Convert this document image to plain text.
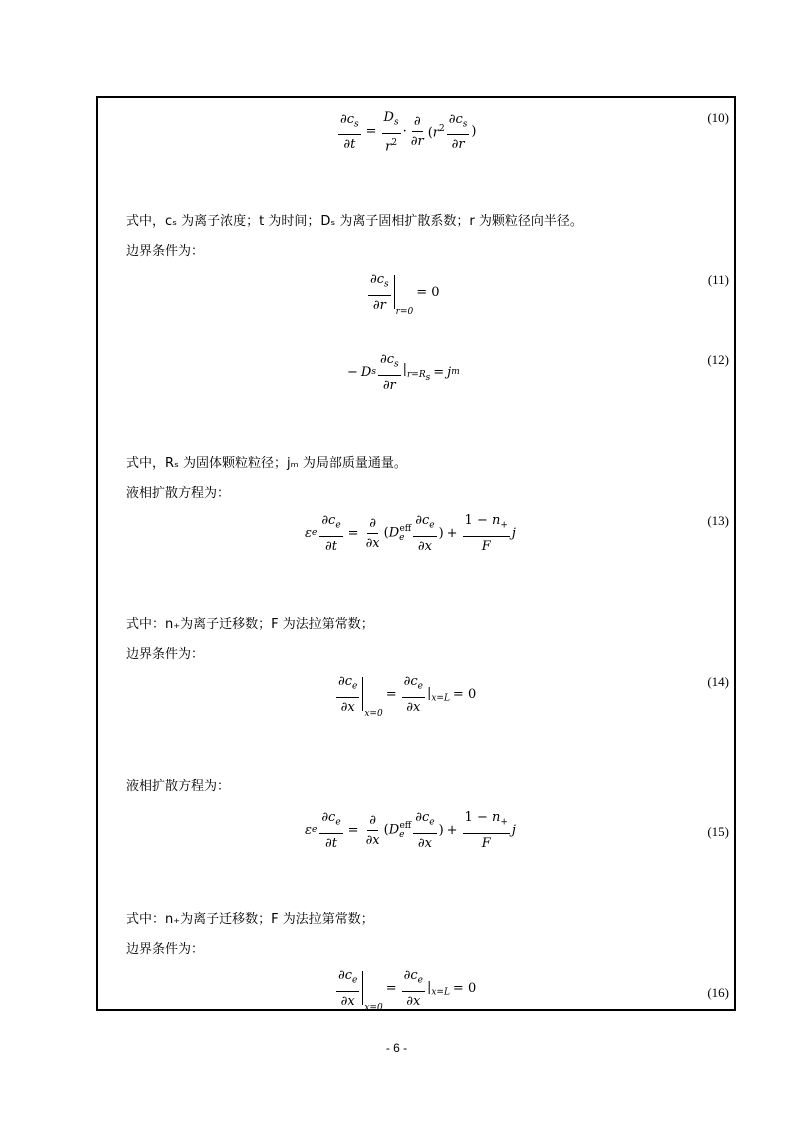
$\frac{\partial c_s}{\partial t} = \frac{D_s}{r^2} \cdot \frac{\partial}{\partial r} (r^2 \frac{\partial c_s}{\partial r}$ )
(10)
式中，cₛ 为离子浓度；t 为时间；Dₛ 为离子固相扩散系数；r 为颗粒径向半径。
边界条件为：
$\frac{\partial c_s}{\partial r} r=0$
= 0
(11)
− D s $\frac{\partial c_s}{\partial r} |_{r=R_s} = j$ m
(12)
式中，Rₛ 为固体颗粒粒径；jₘ 为局部质量通量。
液相扩散方程为：
ε e $\frac{\partial c_e}{\partial t} = \frac{\partial}{\partial x} (D_e^{eff} \frac{\partial c_e}{\partial x}$ ) + $\frac{1 - n_+}{F}$ j
(13)
式中：n₊为离子迁移数；F 为法拉第常数；
边界条件为：
$\frac{\partial c_e}{\partial x} x=0$
= $\frac{\partial c_e}{\partial x} |_{x=L} = 0$
(14)
液相扩散方程为：
ε e $\frac{\partial c_e}{\partial t} = \frac{\partial}{\partial x} (D_e^{eff} \frac{\partial c_e}{\partial x}$ ) + $\frac{1 - n_+}{F}$ j	(15)
式中：n₊为离子迁移数；F 为法拉第常数；
边界条件为：
$\frac{\partial c_e}{\partial x} x=0$
= $\frac{\partial c_e}{\partial x} |_{x=L} = 0$	(16)
- 6 -
